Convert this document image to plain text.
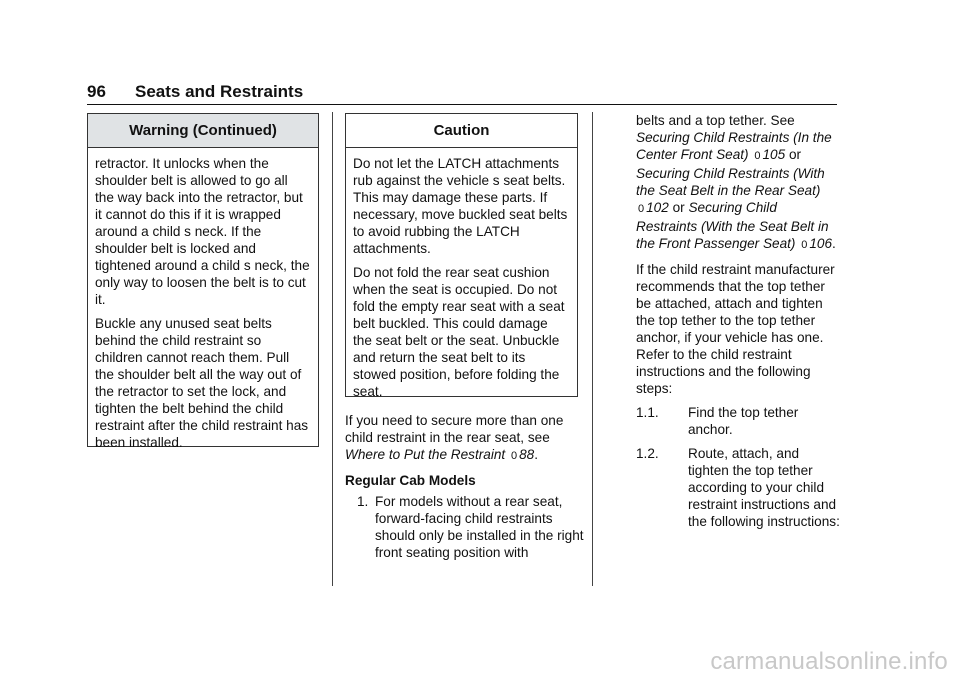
96 Seats and Restraints
Warning (Continued)

retractor. It unlocks when the shoulder belt is allowed to go all the way back into the retractor, but it cannot do this if it is wrapped around a child s neck. If the shoulder belt is locked and tightened around a child s neck, the only way to loosen the belt is to cut it.

Buckle any unused seat belts behind the child restraint so children cannot reach them. Pull the shoulder belt all the way out of the retractor to set the lock, and tighten the belt behind the child restraint after the child restraint has been installed.

Caution

Do not let the LATCH attachments rub against the vehicle s seat belts. This may damage these parts. If necessary, move buckled seat belts to avoid rubbing the LATCH attachments.

Do not fold the rear seat cushion when the seat is occupied. Do not fold the empty rear seat with a seat belt buckled. This could damage the seat belt or the seat. Unbuckle and return the seat belt to its stowed position, before folding the seat.

If you need to secure more than one child restraint in the rear seat, see Where to Put the Restraint 0 88.

Regular Cab Models

1. For models without a rear seat, forward-facing child restraints should only be installed in the right front seating position with

belts and a top tether. See Securing Child Restraints (In the Center Front Seat) 0 105 or Securing Child Restraints (With the Seat Belt in the Rear Seat) 0 102 or Securing Child Restraints (With the Seat Belt in the Front Passenger Seat) 0 106.

If the child restraint manufacturer recommends that the top tether be attached, attach and tighten the top tether to the top tether anchor, if your vehicle has one. Refer to the child restraint instructions and the following steps:

1.1. Find the top tether anchor.
1.2. Route, attach, and tighten the top tether according to your child restraint instructions and the following instructions:
carmanualsonline.info
